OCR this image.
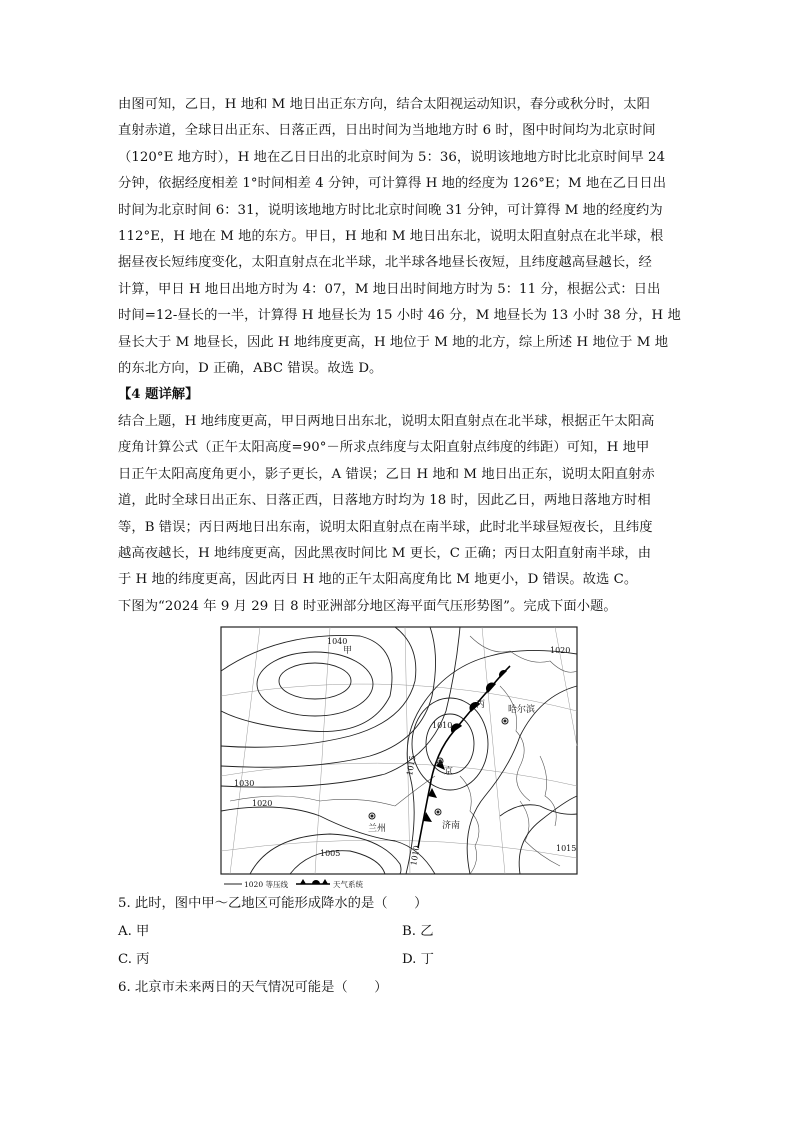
由图可知，乙日，H 地和 M 地日出正东方向，结合太阳视运动知识，春分或秋分时，太阳

直射赤道，全球日出正东、日落正西，日出时间为当地地方时 6 时，图中时间均为北京时间

（120°E 地方时），H 地在乙日日出的北京时间为 5：36，说明该地地方时比北京时间早 24

分钟，依据经度相差 1°时间相差 4 分钟，可计算得 H 地的经度为 126°E；M 地在乙日日出

时间为北京时间 6：31，说明该地地方时比北京时间晚 31 分钟，可计算得 M 地的经度约为

112°E，H 地在 M 地的东方。甲日，H 地和 M 地日出东北，说明太阳直射点在北半球，根

据昼夜长短纬度变化，太阳直射点在北半球，北半球各地昼长夜短，且纬度越高昼越长，经

计算，甲日 H 地日出地方时为 4：07，M 地日出时间地方时为 5：11 分，根据公式：日出

时间=12-昼长的一半，计算得 H 地昼长为 15 小时 46 分，M 地昼长为 13 小时 38 分，H 地

昼长大于 M 地昼长，因此 H 地纬度更高，H 地位于 M 地的北方，综上所述 H 地位于 M 地

的东北方向，D 正确，ABC 错误。故选 D。

【4 题详解】

结合上题，H 地纬度更高，甲日两地日出东北，说明太阳直射点在北半球，根据正午太阳高

度角计算公式（正午太阳高度=90°－所求点纬度与太阳直射点纬度的纬距）可知，H 地甲

日正午太阳高度角更小，影子更长，A 错误；乙日 H 地和 M 地日出正东，说明太阳直射赤

道，此时全球日出正东、日落正西，日落地方时均为 18 时，因此乙日，两地日落地方时相

等，B 错误；丙日两地日出东南，说明太阳直射点在南半球，此时北半球昼短夜长，且纬度

越高夜越长，H 地纬度更高，因此黑夜时间比 M 更长，C 正确；丙日太阳直射南半球，由

于 H 地的纬度更高，因此丙日 H 地的正午太阳高度角比 M 地更小，D 错误。故选 C。

下图为“2024 年 9 月 29 日 8 时亚洲部分地区海平面气压形势图”。完成下面小题。

1040
甲	1020
丙	哈尔滨
1010
1015	京
1030
1020
兰州	济南
1005	1010	1015
1020 等压线	天气系统

5. 此时，图中甲～乙地区可能形成降水的是（　　）

A. 甲	B. 乙
C. 丙	D. 丁

6. 北京市未来两日的天气情况可能是（　　）
